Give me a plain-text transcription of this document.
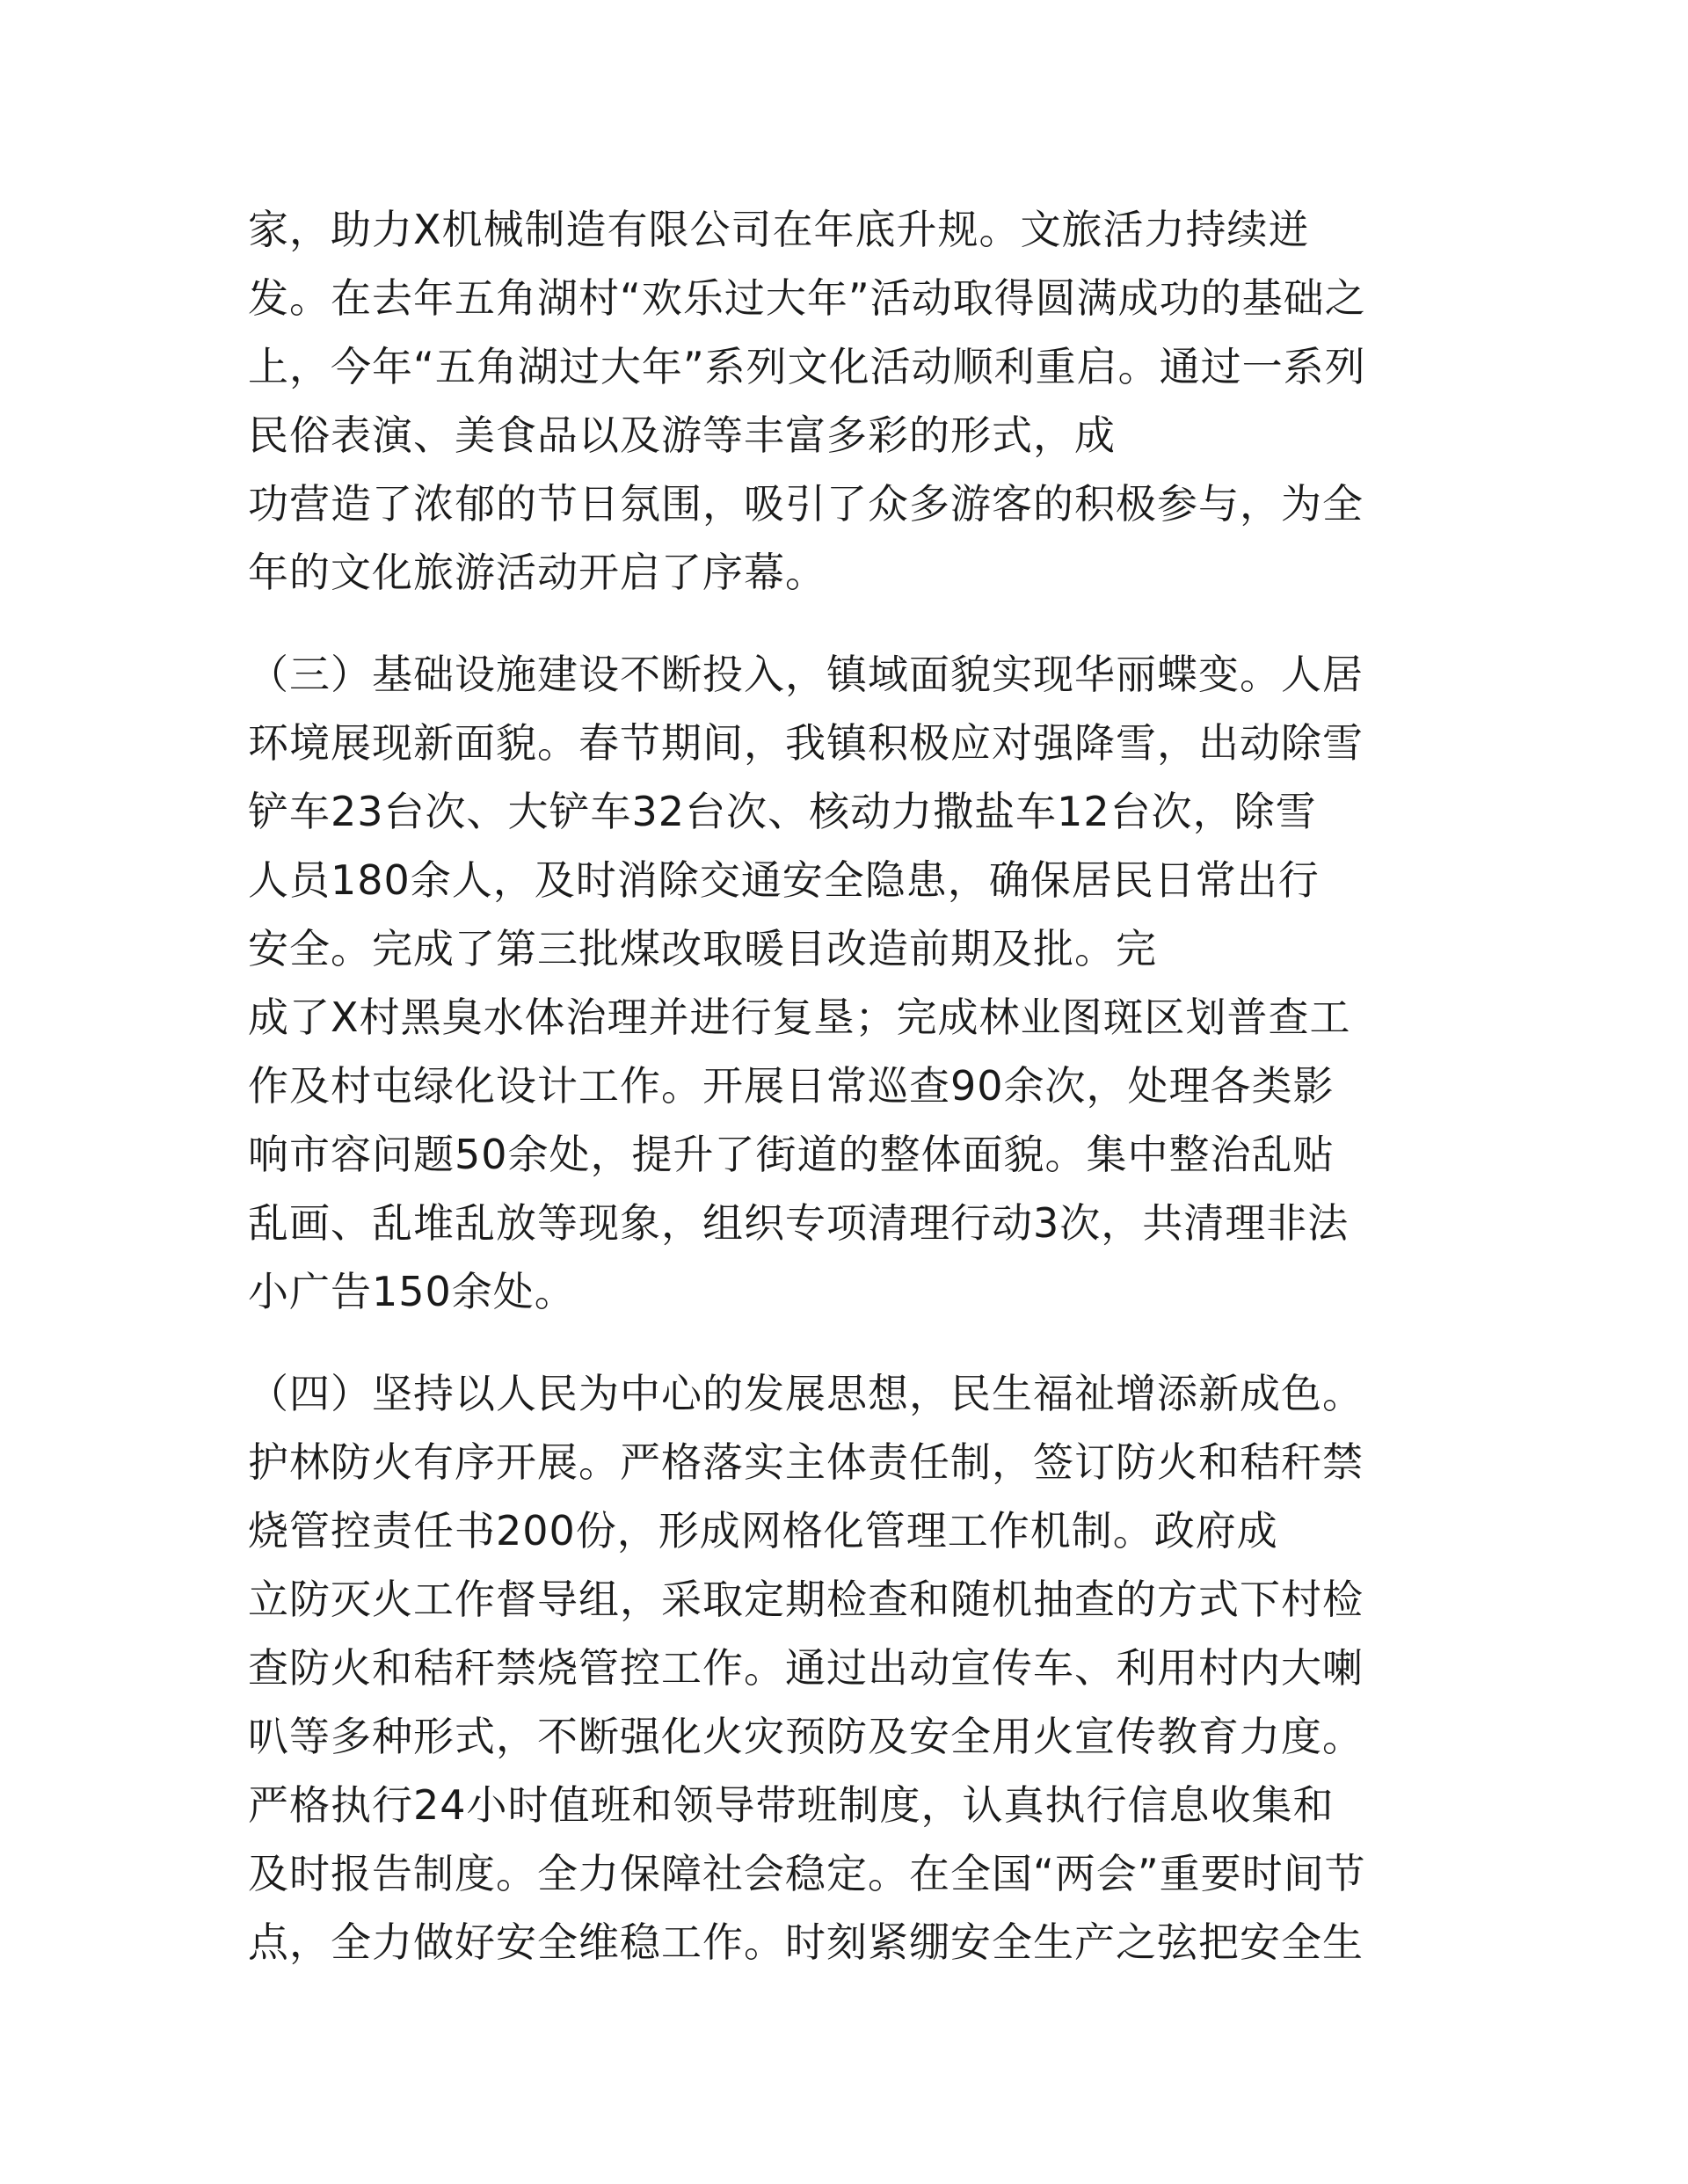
家，助力X机械制造有限公司在年底升规。文旅活力持续迸
发。在去年五角湖村“欢乐过大年”活动取得圆满成功的基础之
上，今年“五角湖过大年”系列文化活动顺利重启。通过一系列
民俗表演、美食品以及游等丰富多彩的形式，成
功营造了浓郁的节日氛围，吸引了众多游客的积极参与，为全
年的文化旅游活动开启了序幕。
（三）基础设施建设不断投入，镇域面貌实现华丽蝶变。人居
环境展现新面貌。春节期间，我镇积极应对强降雪，出动除雪
铲车23台次、大铲车32台次、核动力撒盐车12台次，除雪
人员180余人，及时消除交通安全隐患，确保居民日常出行
安全。完成了第三批煤改取暖目改造前期及批。完
成了X村黑臭水体治理并进行复垦；完成林业图斑区划普查工
作及村屯绿化设计工作。开展日常巡查90余次，处理各类影
响市容问题50余处，提升了街道的整体面貌。集中整治乱贴
乱画、乱堆乱放等现象，组织专项清理行动3次，共清理非法
小广告150余处。
（四）坚持以人民为中心的发展思想，民生福祉增添新成色。
护林防火有序开展。严格落实主体责任制，签订防火和秸秆禁
烧管控责任书200份，形成网格化管理工作机制。政府成
立防灭火工作督导组，采取定期检查和随机抽查的方式下村检
查防火和秸秆禁烧管控工作。通过出动宣传车、利用村内大喇
叭等多种形式，不断强化火灾预防及安全用火宣传教育力度。
严格执行24小时值班和领导带班制度，认真执行信息收集和
及时报告制度。全力保障社会稳定。在全国“两会”重要时间节
点，全力做好安全维稳工作。时刻紧绷安全生产之弦把安全生
